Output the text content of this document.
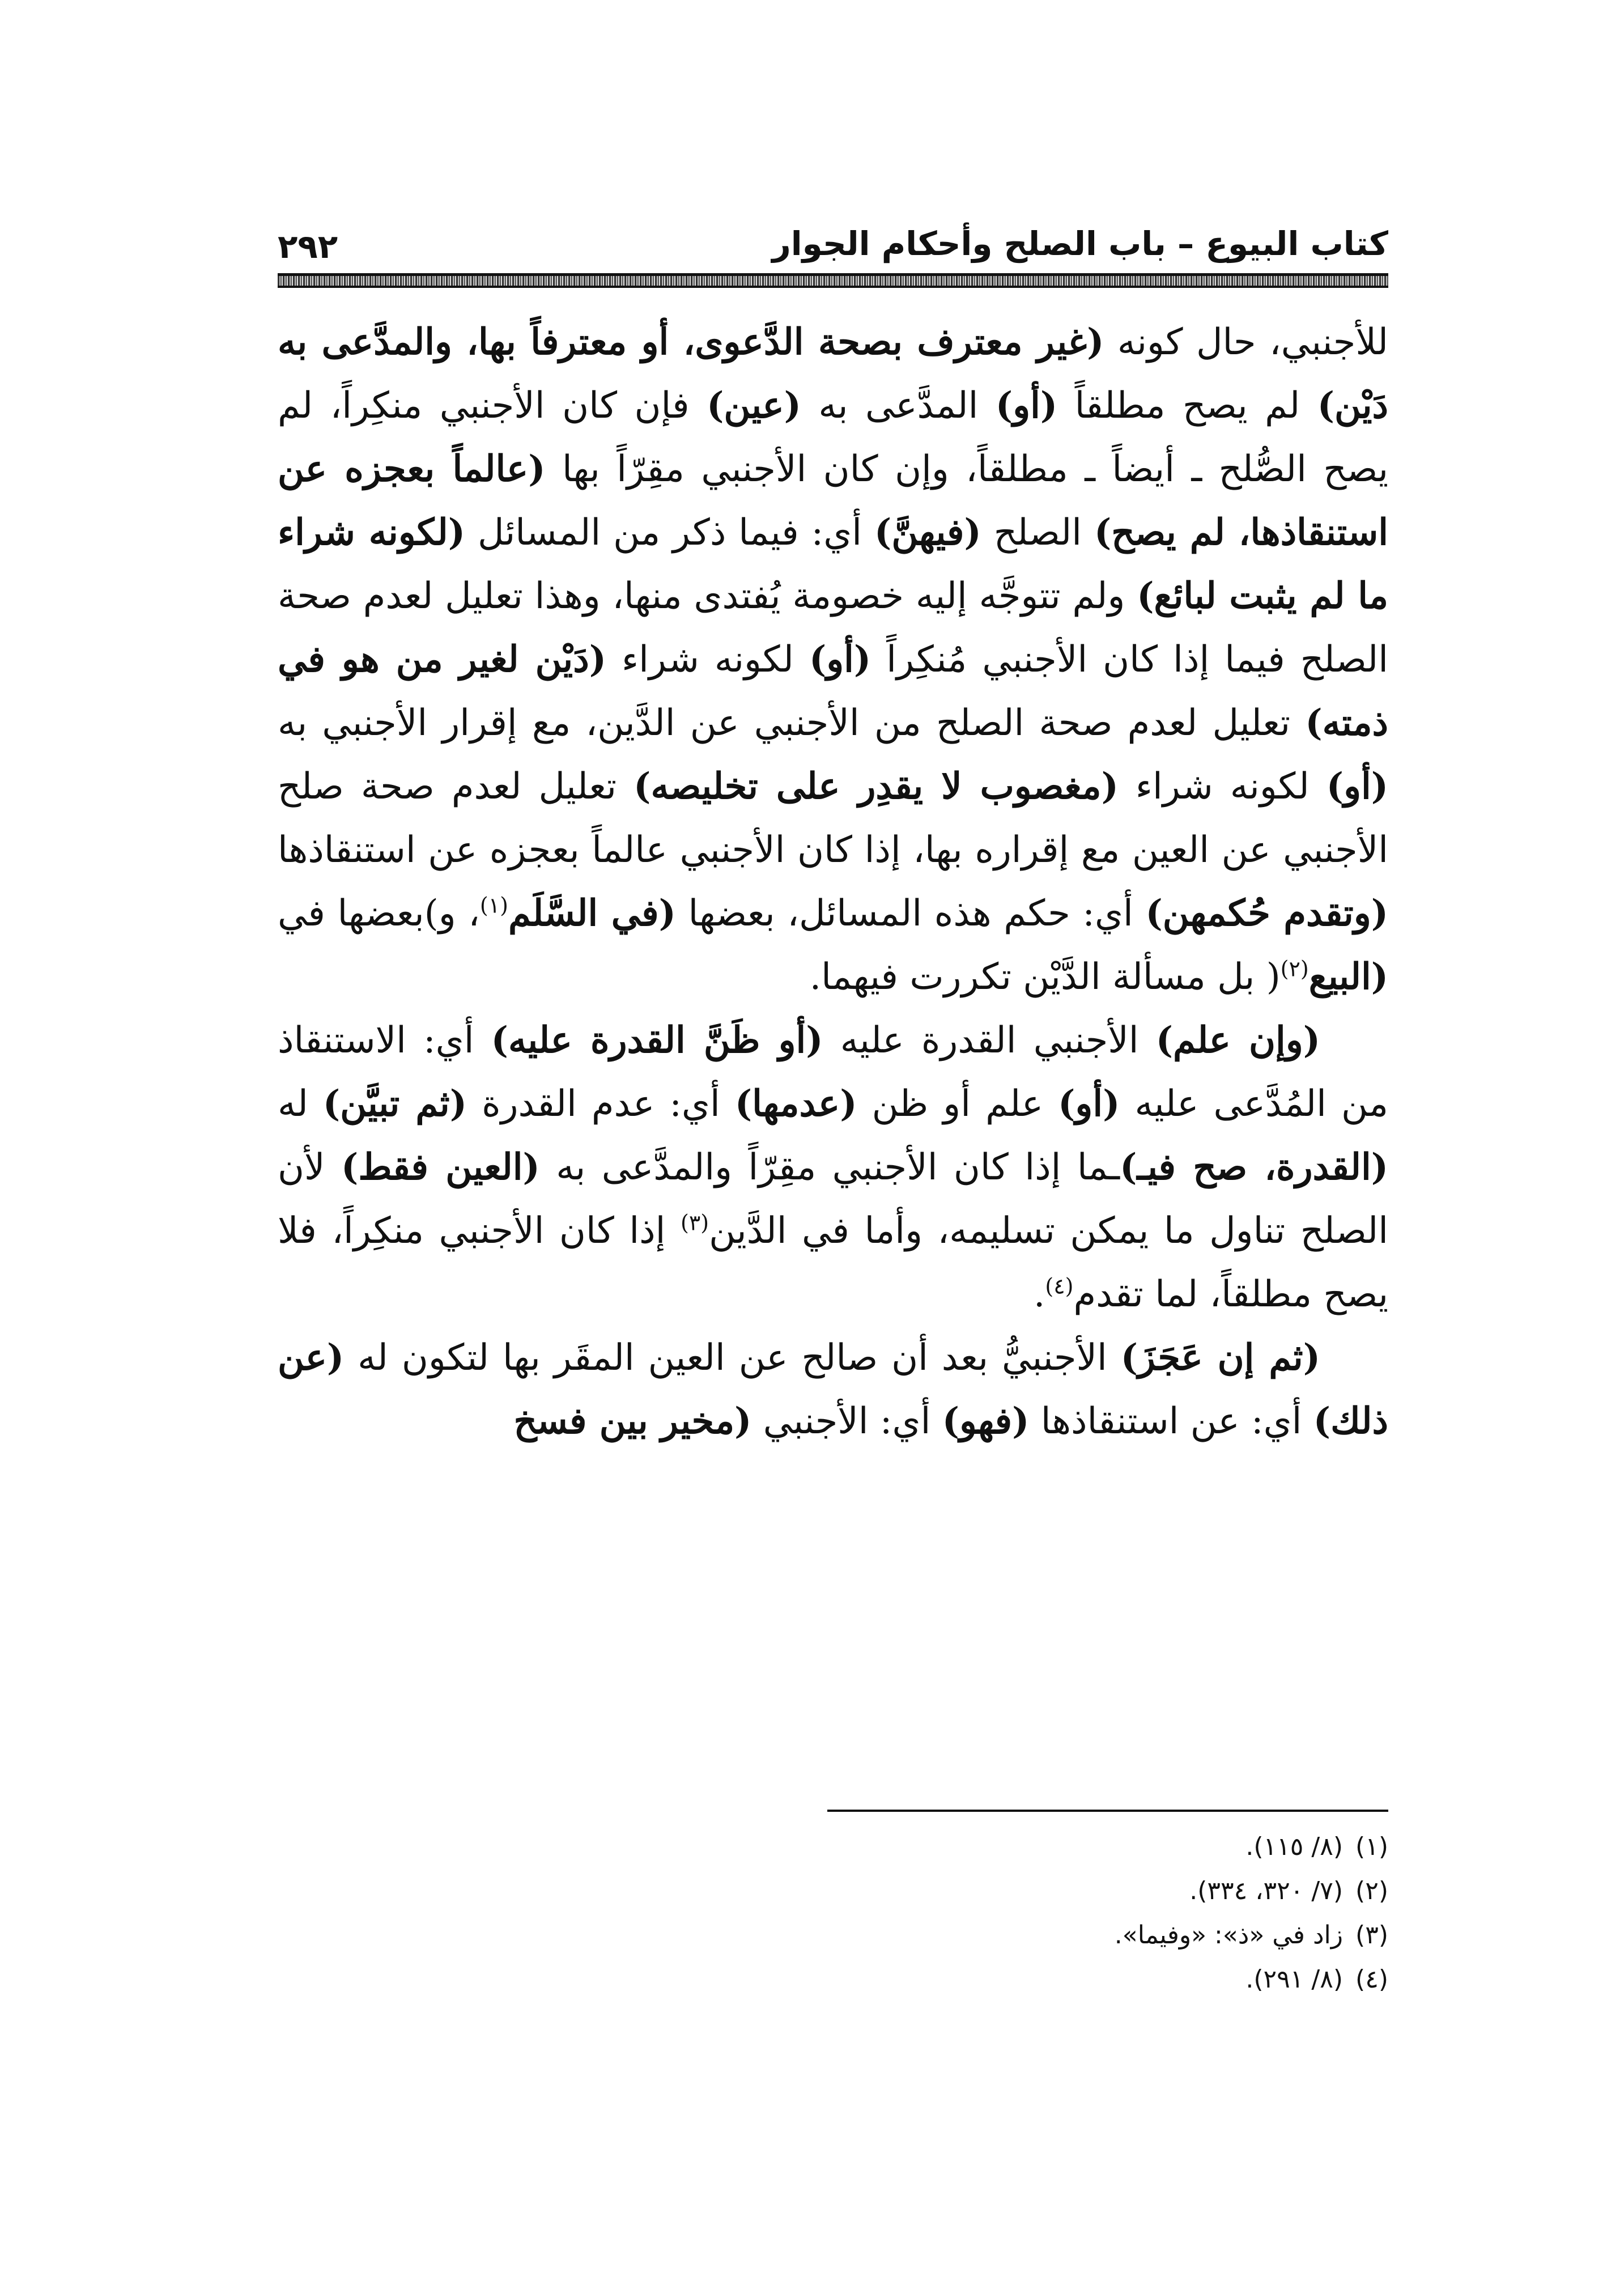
كتاب البيوع – باب الصلح وأحكام الجوار
٢٩٢

للأجنبي، حال كونه (غير معترف بصحة الدَّعوى، أو معترفاً بها، والمدَّعى به دَيْن) لم يصح مطلقاً (أو) المدَّعى به (عين) فإن كان الأجنبي منكِراً، لم يصح الصُّلح ـ أيضاً ـ مطلقاً، وإن كان الأجنبي مقِرّاً بها (عالماً بعجزه عن استنقاذها، لم يصح) الصلح (فيهنَّ) أي: فيما ذكر من المسائل (لكونه شراء ما لم يثبت لبائع) ولم تتوجَّه إليه خصومة يُفتدى منها، وهذا تعليل لعدم صحة الصلح فيما إذا كان الأجنبي مُنكِراً (أو) لكونه شراء (دَيْن لغير من هو في ذمته) تعليل لعدم صحة الصلح من الأجنبي عن الدَّين، مع إقرار الأجنبي به (أو) لكونه شراء (مغصوب لا يقدِر على تخليصه) تعليل لعدم صحة صلح الأجنبي عن العين مع إقراره بها، إذا كان الأجنبي عالماً بعجزه عن استنقاذها (وتقدم حُكمهن) أي: حكم هذه المسائل، بعضها (في السَّلَم$^{(١)}$، و)بعضها في (البيع$^{(٢)}$( بل مسألة الدَّيْن تكررت فيهما.

(وإن علم) الأجنبي القدرة عليه (أو ظَنَّ القدرة عليه) أي: الاستنقاذ من المُدَّعى عليه (أو) علم أو ظن (عدمها) أي: عدم القدرة (ثم تبيَّن) له (القدرة، صح فيـ)ـما إذا كان الأجنبي مقِرّاً والمدَّعى به (العين فقط) لأن الصلح تناول ما يمكن تسليمه، وأما في الدَّين$^{(٣)}$ إذا كان الأجنبي منكِراً، فلا يصح مطلقاً، لما تقدم$^{(٤)}$.

(ثم إن عَجَزَ) الأجنبيُّ بعد أن صالح عن العين المقَر بها لتكون له (عن ذلك) أي: عن استنقاذها (فهو) أي: الأجنبي (مخير بين فسخ

(١)(٨/ ١١٥).
(٢)(٧/ ٣٢٠، ٣٣٤).
(٣)زاد في «ذ»: «وفيما».
(٤)(٨/ ٢٩١).
